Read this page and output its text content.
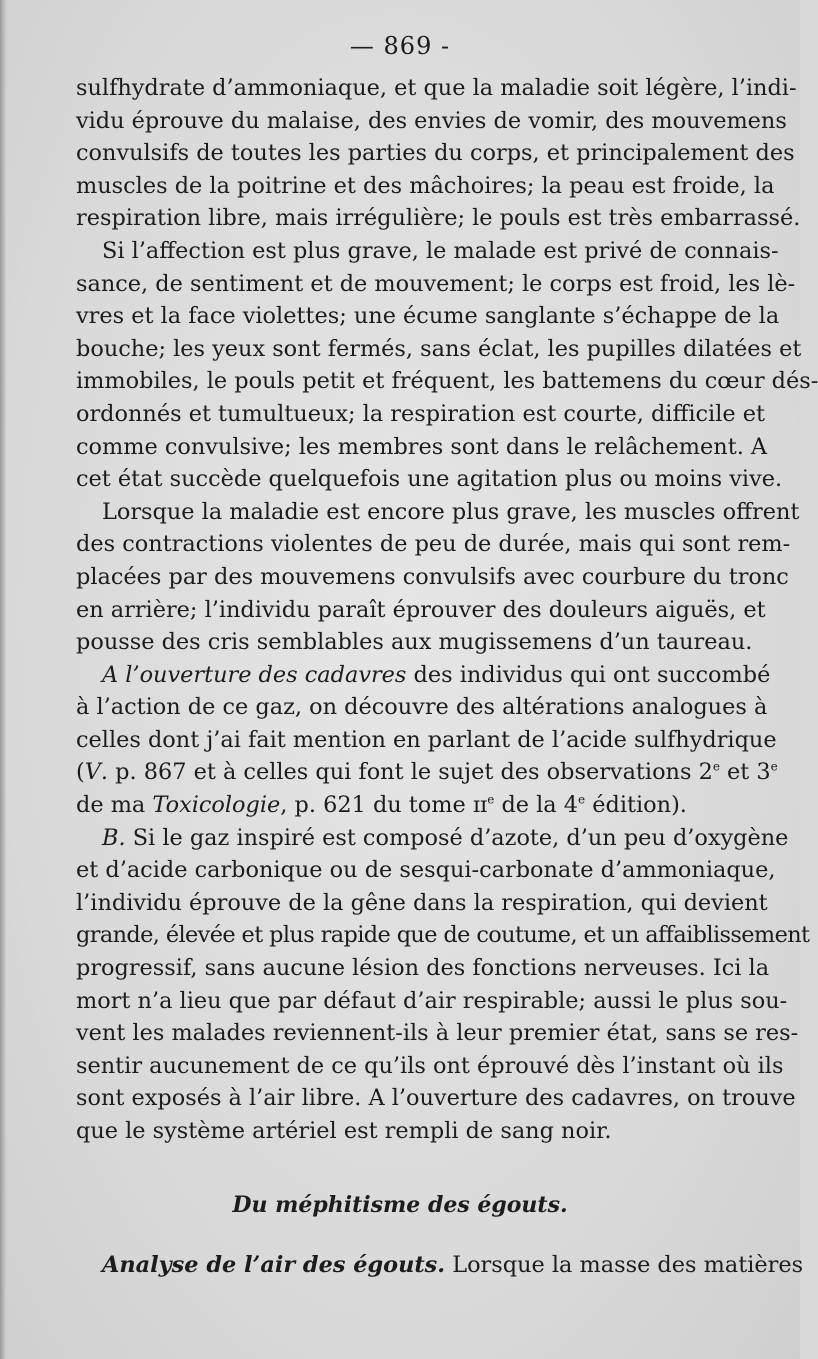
— 869 -
sulfhydrate d’ammoniaque, et que la maladie soit légère, l’indi-
vidu éprouve du malaise, des envies de vomir, des mouvemens
convulsifs de toutes les parties du corps, et principalement des
muscles de la poitrine et des mâchoires; la peau est froide, la
respiration libre, mais irrégulière; le pouls est très embarrassé.
Si l’affection est plus grave, le malade est privé de connais-
sance, de sentiment et de mouvement; le corps est froid, les lè-
vres et la face violettes; une écume sanglante s’échappe de la
bouche; les yeux sont fermés, sans éclat, les pupilles dilatées et
immobiles, le pouls petit et fréquent, les battemens du cœur dés-
ordonnés et tumultueux; la respiration est courte, difficile et
comme convulsive; les membres sont dans le relâchement. A
cet état succède quelquefois une agitation plus ou moins vive.
Lorsque la maladie est encore plus grave, les muscles offrent
des contractions violentes de peu de durée, mais qui sont rem-
placées par des mouvemens convulsifs avec courbure du tronc
en arrière; l’individu paraît éprouver des douleurs aiguës, et
pousse des cris semblables aux mugissemens d’un taureau.
A l’ouverture des cadavres des individus qui ont succombé
à l’action de ce gaz, on découvre des altérations analogues à
celles dont j’ai fait mention en parlant de l’acide sulfhydrique
(V. p. 867 et à celles qui font le sujet des observations 2e et 3e
de ma Toxicologie, p. 621 du tome ɪɪ$^e$ de la 4e édition).
B. Si le gaz inspiré est composé d’azote, d’un peu d’oxygène
et d’acide carbonique ou de sesqui-carbonate d’ammoniaque,
l’individu éprouve de la gêne dans la respiration, qui devient
grande, élevée et plus rapide que de coutume, et un affaiblissement
progressif, sans aucune lésion des fonctions nerveuses. Ici la
mort n’a lieu que par défaut d’air respirable; aussi le plus sou-
vent les malades reviennent-ils à leur premier état, sans se res-
sentir aucunement de ce qu’ils ont éprouvé dès l’instant où ils
sont exposés à l’air libre. A l’ouverture des cadavres, on trouve
que le système artériel est rempli de sang noir.
Du méphitisme des égouts.
Analyse de l’air des égouts. Lorsque la masse des matières
